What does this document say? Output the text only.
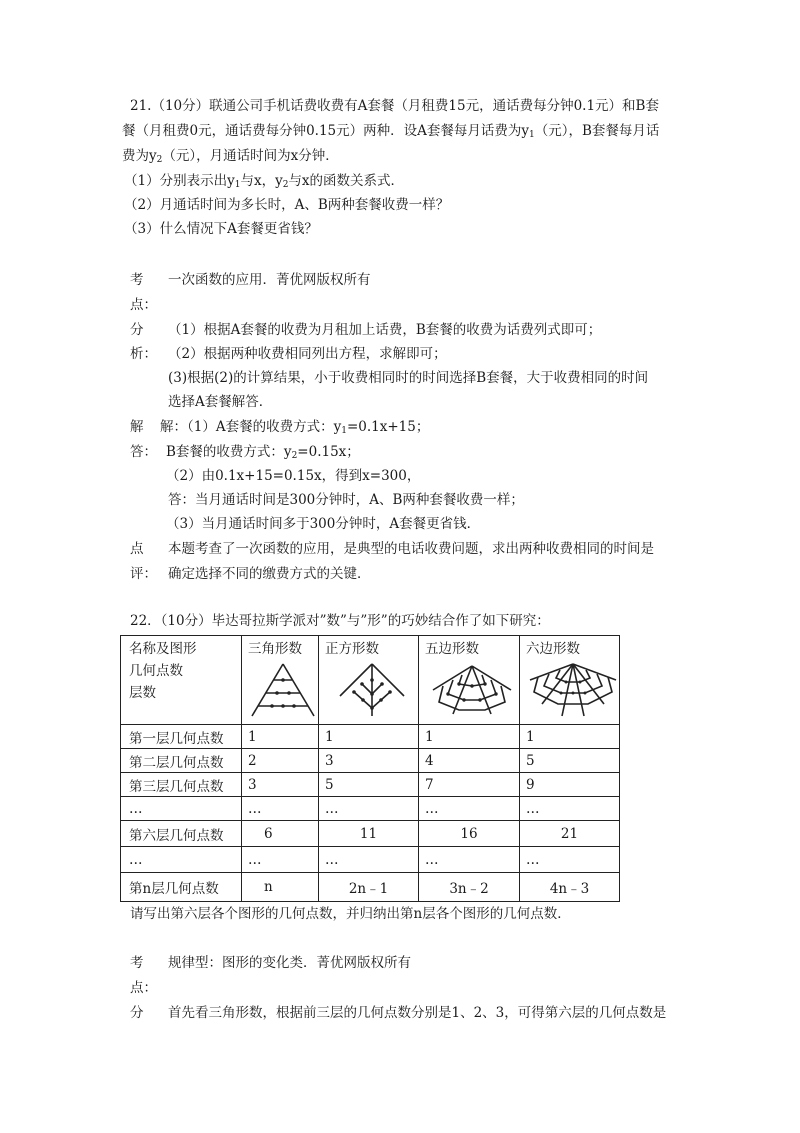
21.（10分）联通公司手机话费收费有A套餐（月租费15元，通话费每分钟0.1元）和B套
餐（月租费0元，通话费每分钟0.15元）两种．设A套餐每月话费为$y_1$（元），B套餐每月话
费为$y_2$（元），月通话时间为x分钟．
（1）分别表示出$y_1$与x，$y_2$与x的函数关系式．
（2）月通话时间为多长时，A、B两种套餐收费一样？
（3）什么情况下A套餐更省钱？
考
点：
一次函数的应用．菁优网版权所有
分
析：
（1）根据A套餐的收费为月租加上话费，B套餐的收费为话费列式即可；
（2）根据两种收费相同列出方程，求解即可；
(3)根据(2)的计算结果，小于收费相同时的时间选择B套餐，大于收费相同的时间
选择A套餐解答．
解
答：
解：（1）A套餐的收费方式：$y_1=0.1x+15$；
B套餐的收费方式：$y_2=0.15x$；
（2）由0.1x+15=0.15x，得到x=300，
答：当月通话时间是300分钟时，A、B两种套餐收费一样；
（3）当月通话时间多于300分钟时，A套餐更省钱．
点
评：
本题考查了一次函数的应用，是典型的电话收费问题，求出两种收费相同的时间是
确定选择不同的缴费方式的关键．
22．（10分）毕达哥拉斯学派对”数”与”形”的巧妙结合作了如下研究：
名称及图形
几何点数
层数	三角形数	正方形数	五边形数	六边形数

第一层几何点数	1	1	1	1
第二层几何点数	2	3	4	5
第三层几何点数	3	5	7	9
…	…	…	…	…
第六层几何点数	6	11	16	21
…	…	…	…	…
第n层几何点数	n	2n﹣1	3n﹣2	4n﹣3
请写出第六层各个图形的几何点数，并归纳出第n层各个图形的几何点数．
考
点：
规律型：图形的变化类．菁优网版权所有
分 首先看三角形数，根据前三层的几何点数分别是1、2、3，可得第六层的几何点数是
